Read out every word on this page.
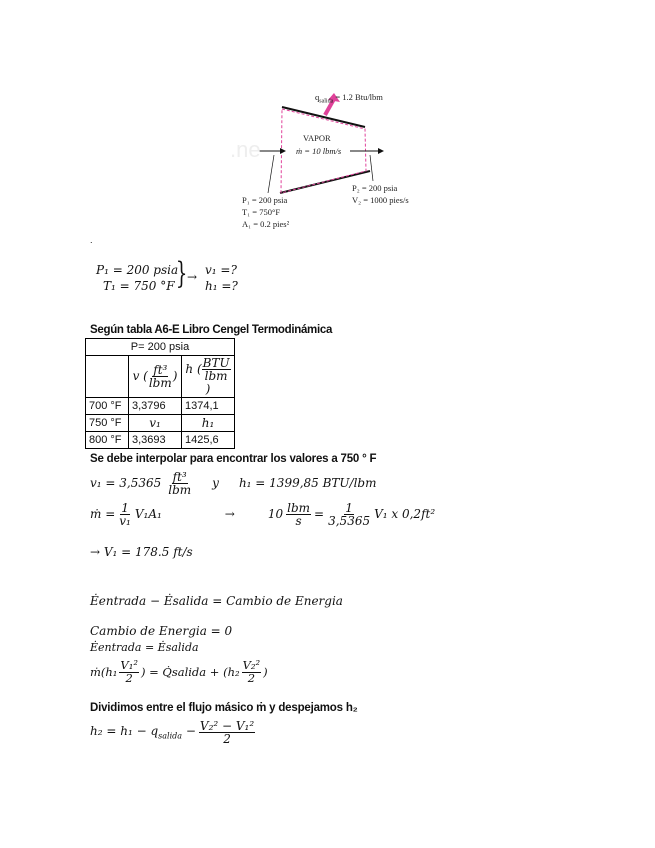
$q_{salida} = 1.2$ Btu/lbm
VAPOR
ṁ = 10 lbm/s
P₁ = 200 psia
T₁ = 750°F
A₁ = 0.2 pies²
P₂ = 200 psia
V₂ = 1000 pies/s
.ne
.
P₁ = 200 psia
T₁ = 750 °F } → v₁ =?
h₁ =?
Según tabla A6-E Libro Cengel Termodinámica
P= 200 psia		
	v ( $\frac{\text{ft³}}{\text{lbm}}$ )	h ( $\frac{\text{BTU}}{\text{lbm}}$
)
700 °F	3,3796	1374,1
750 °F	v₁	h₁
800 °F	3,3693	1425,6
Se debe interpolar para encontrar los valores a 750 ° F
$v_1 = 3,5365 \frac{\text{ft³}}{\text{lbm}}$ y h₁ = 1399,85 BTU/lbm
ṁ = $\frac{1}{\text{v₁}} V_1A_1$	→	$10 \frac{\text{lbm}}{s} = \frac{1}{3,5365} V_1$ x 0,2ft²
→ V₁ = 178.5 ft/s
Ėentrada − Ėsalida = Cambio de Energia
Cambio de Energia = 0
Ėentrada = Ėsalida
ṁ(h₁ $\frac{\text{V₁²}}{2}$ ) = Q̇salida + ($h_2 \frac{\text{V₂²}}{2}$ )
Dividimos entre el flujo másico ṁ y despejamos h₂
$h_2 = h_1 - q_{salida} - \frac{\text{V₂² − V₁²}}{2}$
